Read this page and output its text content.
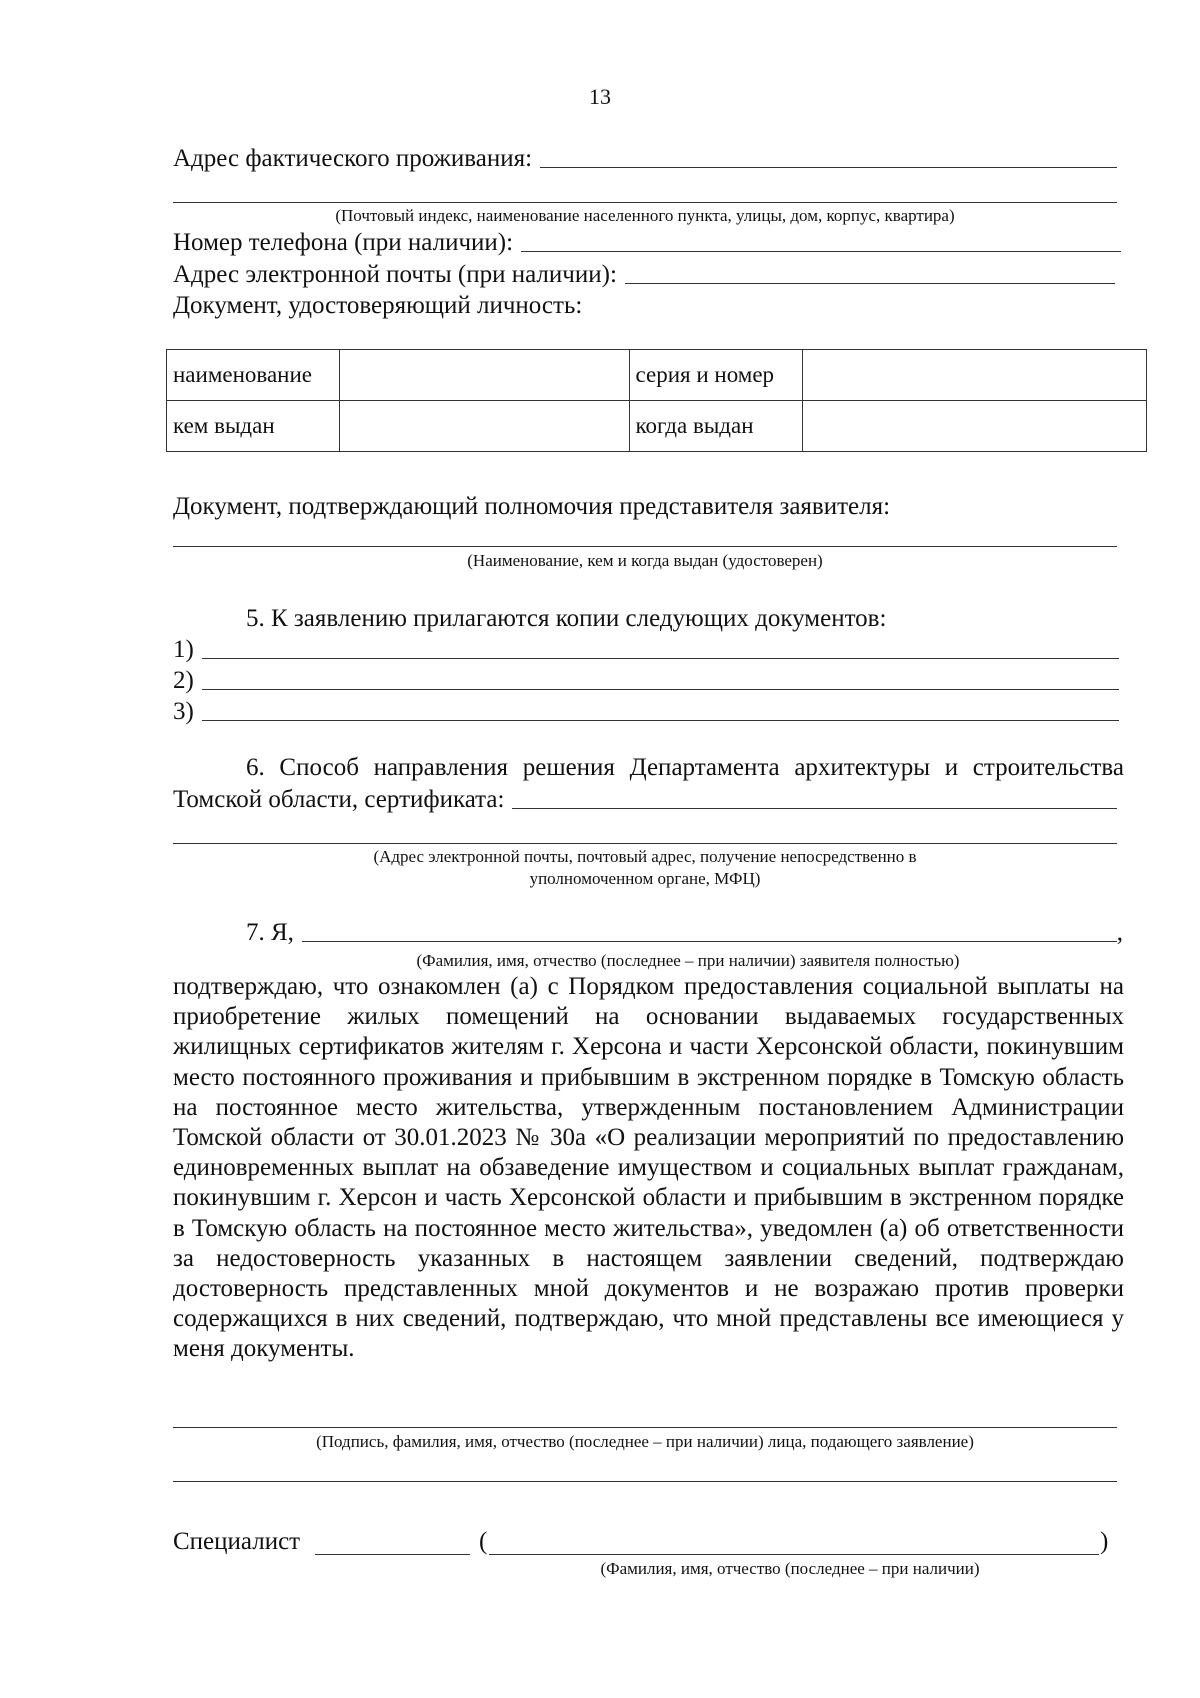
13
Адрес фактического проживания:
(Почтовый индекс, наименование населенного пункта, улицы, дом, корпус, квартира)
Номер телефона (при наличии):
Адрес электронной почты (при наличии):
Документ, удостоверяющий личность:
наименование		серия и номер	
кем выдан		когда выдан	
Документ, подтверждающий полномочия представителя заявителя:
(Наименование, кем и когда выдан (удостоверен)
5. К заявлению прилагаются копии следующих документов:
1)
2)
3)
6. Способ направления решения Департамента архитектуры и строительства
Томской области, сертификата:
(Адрес электронной почты, почтовый адрес, получение непосредственно в
уполномоченном органе, МФЦ)
7. Я,	,
(Фамилия, имя, отчество (последнее – при наличии) заявителя полностью)

подтверждаю, что ознакомлен (а) с Порядком предоставления социальной выплаты на приобретение жилых помещений на основании выдаваемых государственных жилищных сертификатов жителям г. Херсона и части Херсонской области, покинувшим место постоянного проживания и прибывшим в экстренном порядке в Томскую область на постоянное место жительства, утвержденным постановлением Администрации Томской области от 30.01.2023 № 30а «О реализации мероприятий по предоставлению единовременных выплат на обзаведение имуществом и социальных выплат гражданам, покинувшим г. Херсон и часть Херсонской области и прибывшим в экстренном порядке в Томскую область на постоянное место жительства», уведомлен (а) об ответственности за недостоверность указанных в настоящем заявлении сведений, подтверждаю достоверность представленных мной документов и не возражаю против проверки содержащихся в них сведений, подтверждаю, что мной представлены все имеющиеся у меня документы.

(Подпись, фамилия, имя, отчество (последнее – при наличии) лица, подающего заявление)
Специалист	(	)
(Фамилия, имя, отчество (последнее – при наличии)
